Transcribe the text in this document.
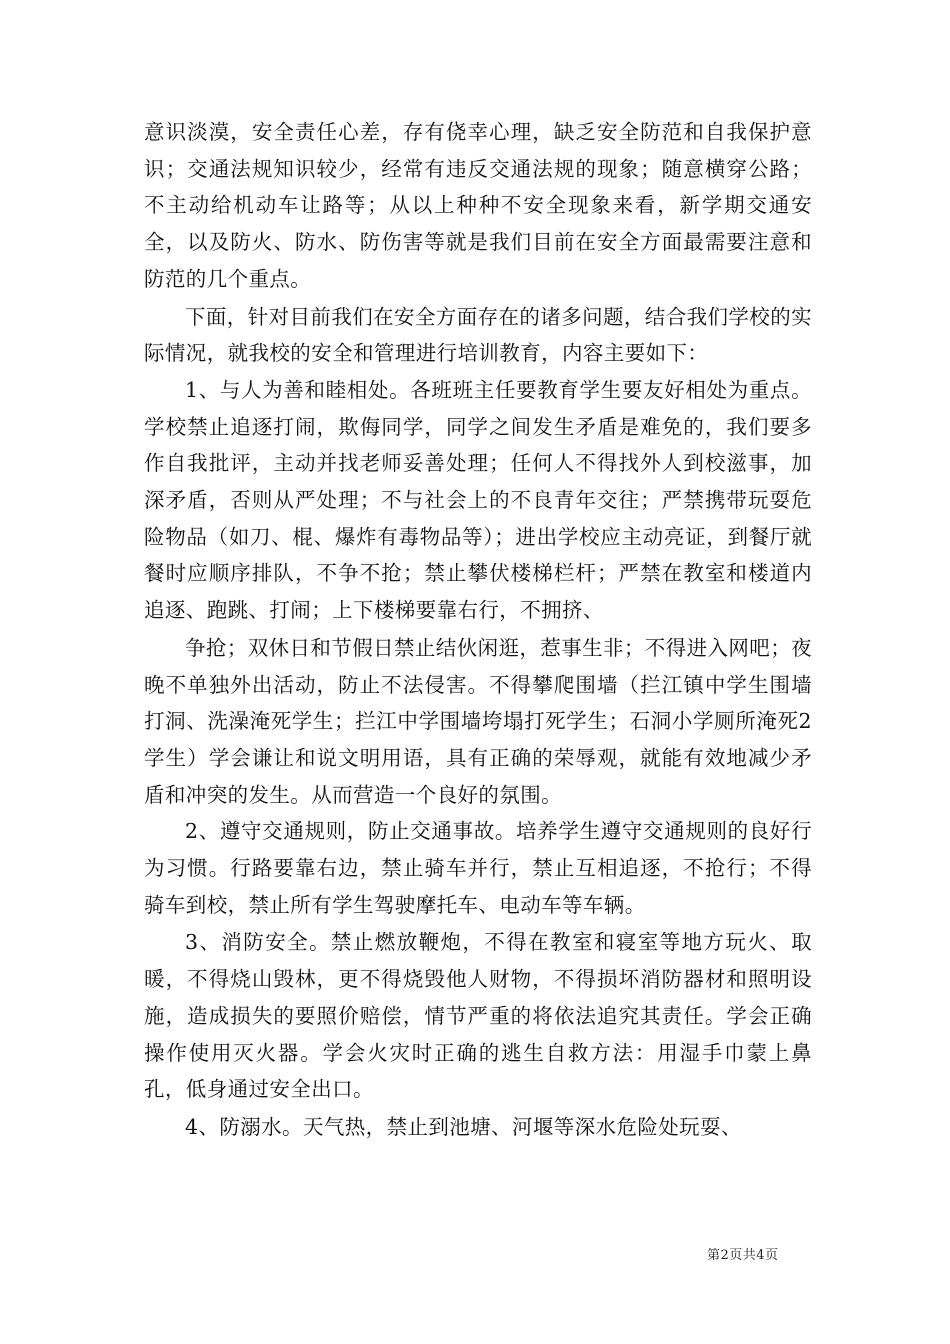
意识淡漠，安全责任心差，存有侥幸心理，缺乏安全防范和自我保护意识；交通法规知识较少，经常有违反交通法规的现象；随意横穿公路；不主动给机动车让路等；从以上种种不安全现象来看，新学期交通安全，以及防火、防水、防伤害等就是我们目前在安全方面最需要注意和防范的几个重点。

下面，针对目前我们在安全方面存在的诸多问题，结合我们学校的实际情况，就我校的安全和管理进行培训教育，内容主要如下：

1、与人为善和睦相处。各班班主任要教育学生要友好相处为重点。学校禁止追逐打闹，欺侮同学，同学之间发生矛盾是难免的，我们要多作自我批评，主动并找老师妥善处理；任何人不得找外人到校滋事，加深矛盾，否则从严处理；不与社会上的不良青年交往；严禁携带玩耍危险物品（如刀、棍、爆炸有毒物品等）；进出学校应主动亮证，到餐厅就餐时应顺序排队，不争不抢；禁止攀伏楼梯栏杆；严禁在教室和楼道内追逐、跑跳、打闹；上下楼梯要靠右行，不拥挤、

争抢；双休日和节假日禁止结伙闲逛，惹事生非；不得进入网吧；夜晚不单独外出活动，防止不法侵害。不得攀爬围墙（拦江镇中学生围墙打洞、洗澡淹死学生；拦江中学围墙垮塌打死学生；石洞小学厕所淹死2学生）学会谦让和说文明用语，具有正确的荣辱观，就能有效地减少矛盾和冲突的发生。从而营造一个良好的氛围。

2、遵守交通规则，防止交通事故。培养学生遵守交通规则的良好行为习惯。行路要靠右边，禁止骑车并行，禁止互相追逐，不抢行；不得骑车到校，禁止所有学生驾驶摩托车、电动车等车辆。

3、消防安全。禁止燃放鞭炮，不得在教室和寝室等地方玩火、取暖，不得烧山毁林，更不得烧毁他人财物，不得损坏消防器材和照明设施，造成损失的要照价赔偿，情节严重的将依法追究其责任。学会正确操作使用灭火器。学会火灾时正确的逃生自救方法：用湿手巾蒙上鼻孔，低身通过安全出口。

4、防溺水。天气热，禁止到池塘、河堰等深水危险处玩耍、

第2页共4页
